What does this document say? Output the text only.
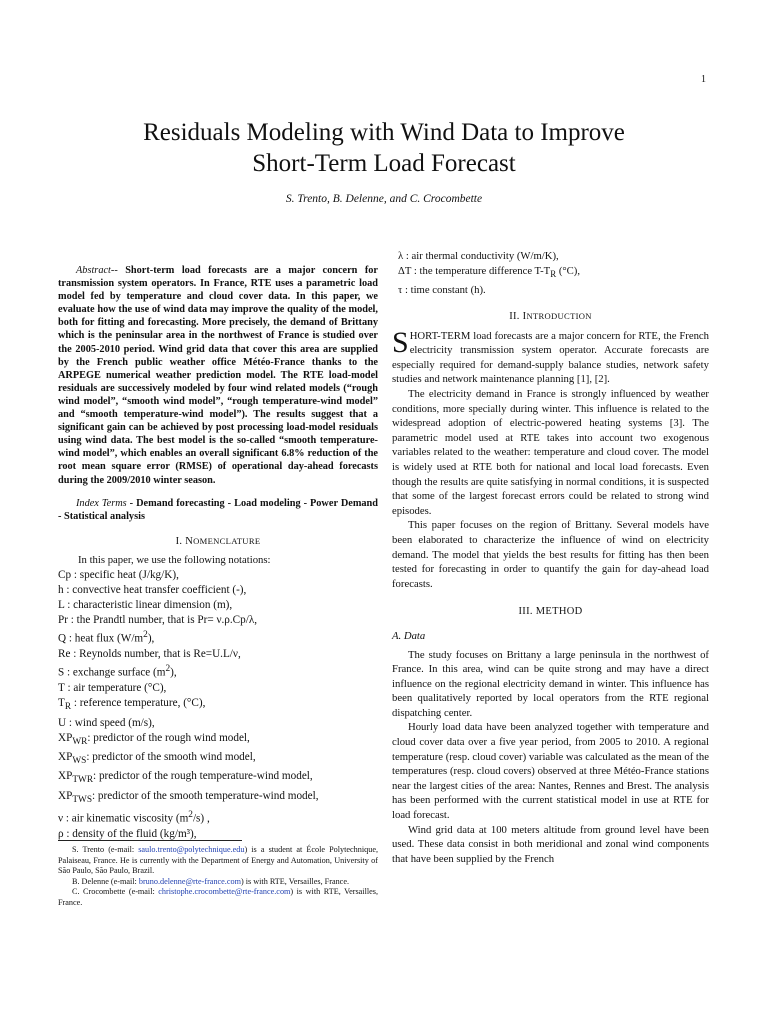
1
Residuals Modeling with Wind Data to Improve
Short-Term Load Forecast
S. Trento, B. Delenne, and C. Crocombette

Abstract-- Short-term load forecasts are a major concern for transmission system operators. In France, RTE uses a parametric load model fed by temperature and cloud cover data. In this paper, we evaluate how the use of wind data may improve the quality of the model, both for fitting and forecasting. More precisely, the demand of Brittany which is the peninsular area in the northwest of France is studied over the 2005-2010 period. Wind grid data that cover this area are supplied by the French public weather office Météo-France thanks to the ARPEGE numerical weather prediction model. The RTE load-model residuals are successively modeled by four wind related models (“rough wind model”, “smooth wind model”, “rough temperature-wind model” and “smooth temperature-wind model”). The results suggest that a significant gain can be achieved by post processing load-model residuals using wind data. The best model is the so-called “smooth temperature-wind model”, which enables an overall significant 6.8% reduction of the root mean square error (RMSE) of operational day-ahead forecasts during the 2009/2010 winter season.

Index Terms - Demand forecasting - Load modeling - Power Demand - Statistical analysis

I. NOMENCLATURE

In this paper, we use the following notations:

Cp : specific heat (J/kg/K),
h : convective heat transfer coefficient (-),
L : characteristic linear dimension (m),
Pr : the Prandtl number, that is Pr= ν.ρ.Cp/λ,
Q : heat flux $(W/m^2)$,
Re : Reynolds number, that is Re=U.L/ν,
S : exchange surface $(m^2)$,
T : air temperature (°C),
$T_R$ : reference temperature, (°C),
U : wind speed (m/s),
$XP_{WR}$: predictor of the rough wind model,
$XP_{WS}$: predictor of the smooth wind model,
$XP_{TWR}$: predictor of the rough temperature-wind model,
$XP_{TWS}$: predictor of the smooth temperature-wind model,
ν : air kinematic viscosity $(m^2/s)$ ,
ρ : density of the fluid (kg/m³),

S. Trento (e-mail: saulo.trento@polytechnique.edu) is a student at École Polytechnique, Palaiseau, France. He is currently with the Department of Energy and Automation, University of São Paulo, São Paulo, Brazil.

B. Delenne (e-mail: bruno.delenne@rte-france.com) is with RTE, Versailles, France.

C. Crocombette (e-mail: christophe.crocombette@rte-france.com) is with RTE, Versailles, France.

λ : air thermal conductivity (W/m/K),
ΔT : the temperature difference $T-T_R$ (°C),
τ : time constant (h).
II. INTRODUCTION

SHORT-TERM load forecasts are a major concern for RTE, the French electricity transmission system operator. Accurate forecasts are especially required for demand-supply balance studies, network safety studies and network maintenance planning [1], [2].

The electricity demand in France is strongly influenced by weather conditions, more specially during winter. This influence is related to the widespread adoption of electric-powered heating systems [3]. The parametric model used at RTE takes into account two exogenous variables related to the weather: temperature and cloud cover. The model is widely used at RTE both for national and local load forecasts. Even though the results are quite satisfying in normal conditions, it is suspected that some of the largest forecast errors could be related to strong wind episodes.

This paper focuses on the region of Brittany. Several models have been elaborated to characterize the influence of wind on electricity demand. The model that yields the best results for fitting has then been tested for forecasting in order to quantify the gain for day-ahead load forecasts.

III. METHOD
A. Data

The study focuses on Brittany a large peninsula in the northwest of France. In this area, wind can be quite strong and may have a direct influence on the regional electricity demand in winter. This influence has been qualitatively reported by local operators from the RTE regional dispatching center.

Hourly load data have been analyzed together with temperature and cloud cover data over a five year period, from 2005 to 2010. A regional temperature (resp. cloud cover) variable was calculated as the mean of the temperatures (resp. cloud covers) observed at three Météo-France stations near the largest cities of the area: Nantes, Rennes and Brest. The analysis has been performed with the current statistical model in use at RTE for load forecast.

Wind grid data at 100 meters altitude from ground level have been used. These data consist in both meridional and zonal wind components that have been supplied by the French
